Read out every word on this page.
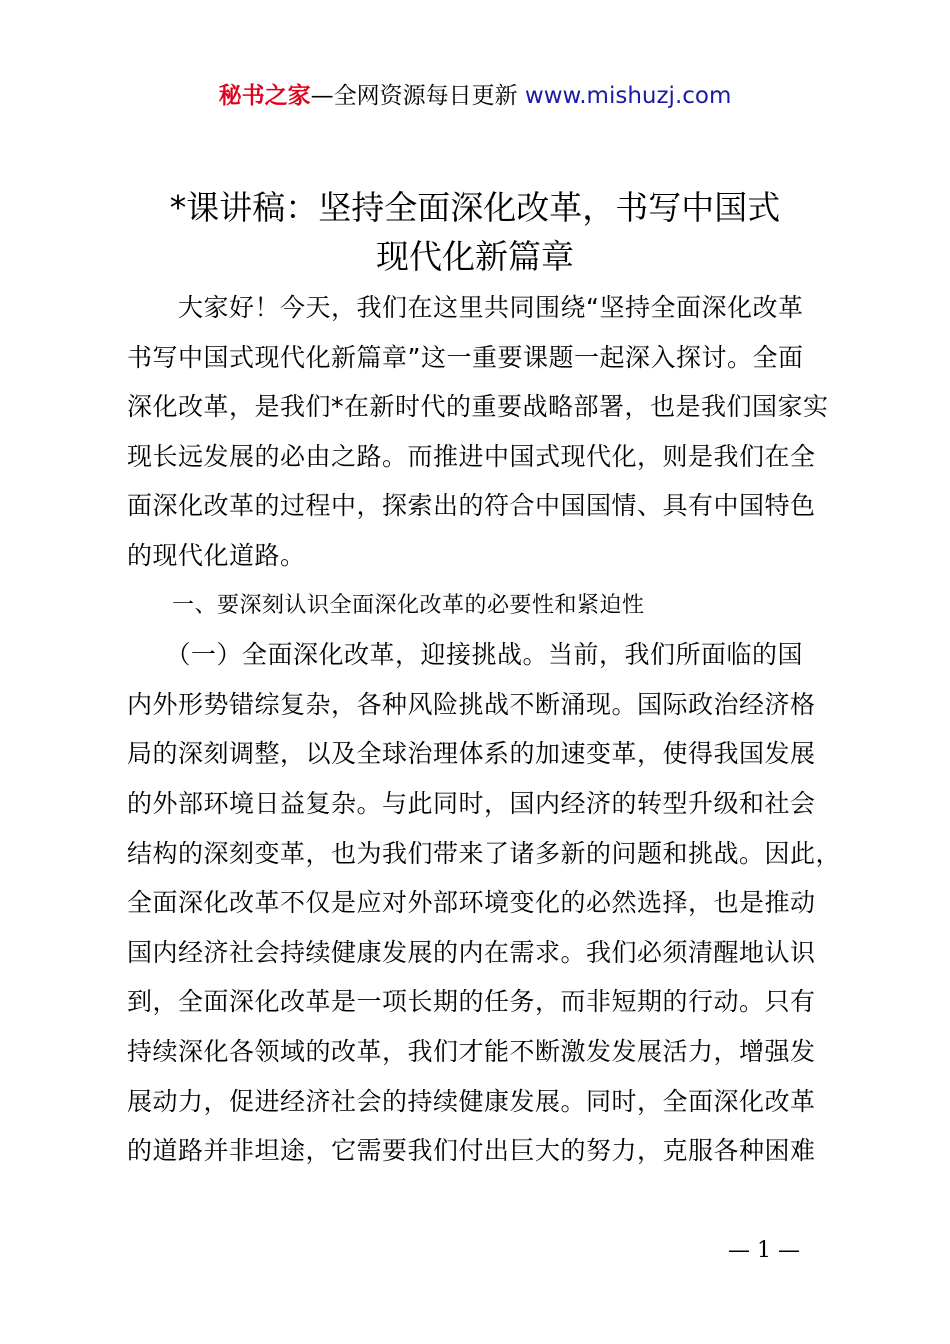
秘书之家—全网资源每日更新 www.mishuzj.com
*课讲稿：坚持全面深化改革，书写中国式
现代化新篇章
　　大家好！今天，我们在这里共同围绕“坚持全面深化改革
书写中国式现代化新篇章”这一重要课题一起深入探讨。全面
深化改革，是我们*在新时代的重要战略部署，也是我们国家实
现长远发展的必由之路。而推进中国式现代化，则是我们在全
面深化改革的过程中，探索出的符合中国国情、具有中国特色
的现代化道路。
　　一、要深刻认识全面深化改革的必要性和紧迫性
　　（一）全面深化改革，迎接挑战。当前，我们所面临的国
内外形势错综复杂，各种风险挑战不断涌现。国际政治经济格
局的深刻调整，以及全球治理体系的加速变革，使得我国发展
的外部环境日益复杂。与此同时，国内经济的转型升级和社会
结构的深刻变革，也为我们带来了诸多新的问题和挑战。因此，
全面深化改革不仅是应对外部环境变化的必然选择，也是推动
国内经济社会持续健康发展的内在需求。我们必须清醒地认识
到，全面深化改革是一项长期的任务，而非短期的行动。只有
持续深化各领域的改革，我们才能不断激发发展活力，增强发
展动力，促进经济社会的持续健康发展。同时，全面深化改革
的道路并非坦途，它需要我们付出巨大的努力，克服各种困难
— 1 —
